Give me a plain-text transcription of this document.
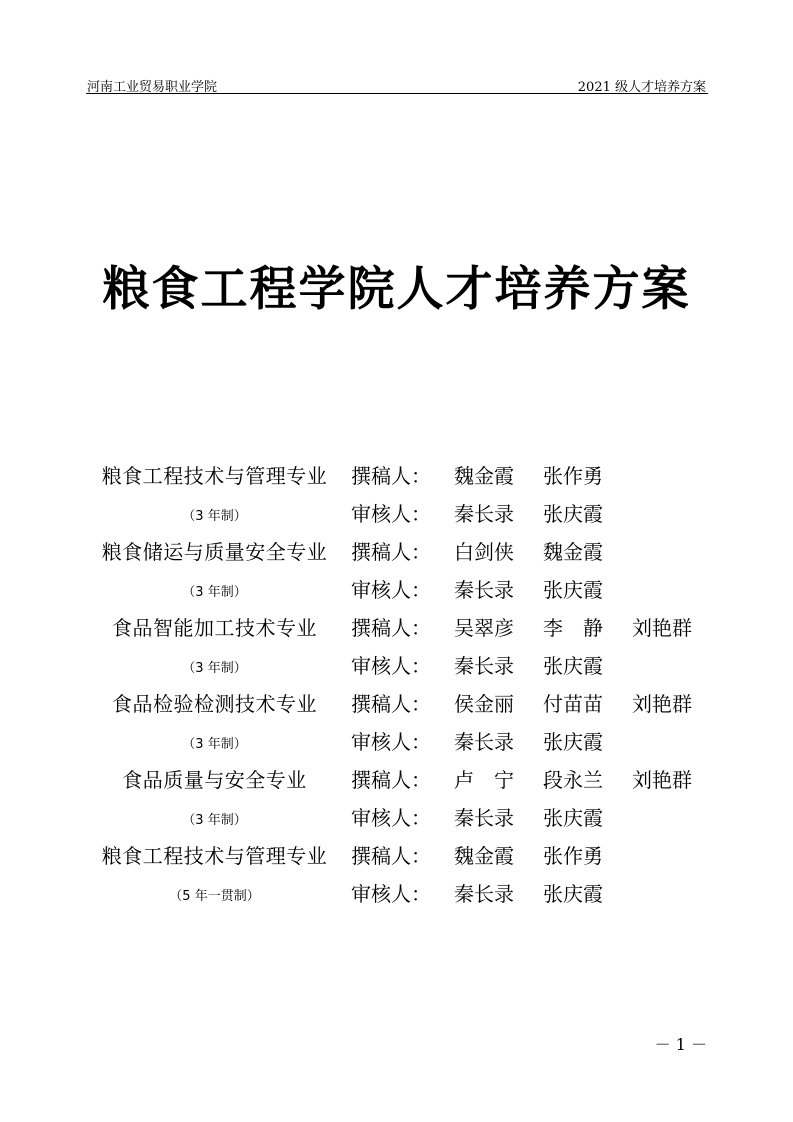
河南工业贸易职业学院	2021 级人才培养方案
粮食工程学院人才培养方案
粮食工程技术与管理专业	撰稿人： 魏金霞 张作勇
（3 年制）	审核人： 秦长录 张庆霞
粮食储运与质量安全专业	撰稿人： 白剑侠 魏金霞
（3 年制）	审核人： 秦长录 张庆霞
食品智能加工技术专业	撰稿人： 吴翠彦 李　静 刘艳群
（3 年制）	审核人： 秦长录 张庆霞
食品检验检测技术专业	撰稿人： 侯金丽 付苗苗 刘艳群
（3 年制）	审核人： 秦长录 张庆霞
食品质量与安全专业	撰稿人： 卢　宁 段永兰 刘艳群
（3 年制）	审核人： 秦长录 张庆霞
粮食工程技术与管理专业	撰稿人： 魏金霞 张作勇
（5 年一贯制）	审核人： 秦长录 张庆霞
－ 1 －
